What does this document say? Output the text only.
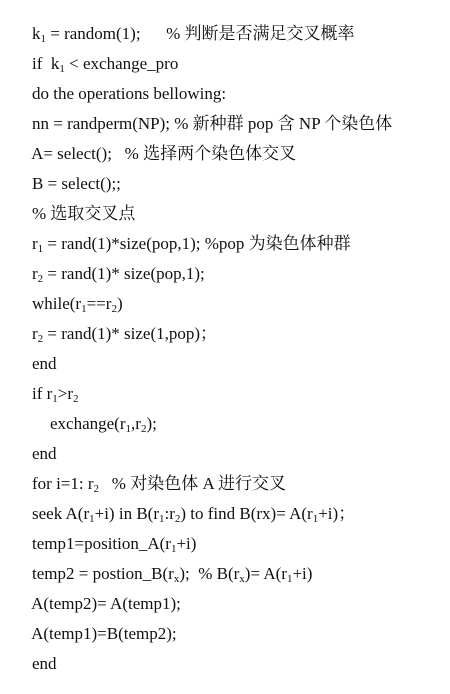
$k_1$ = random(1);      % 判断是否满足交叉概率

if  $k_1$ < exchange_pro

do the operations bellowing:

nn = randperm(NP); % 新种群 pop 含 NP 个染色体

A= select();   % 选择两个染色体交叉

B = select();;

% 选取交叉点

$r_1$ = rand(1)*size(pop,1); %pop 为染色体种群

$r_2$ = rand(1)* size(pop,1);

$while(r_1==r_2)$

$r_2$ = rand(1)* size(1,pop)；

end

if $r_1>r_2$

$exchange(r_1,r_2)$;

end

for i=1: $r_2$   % 对染色体 A 进行交叉

seek $A(r_1+i)$ in $B(r_1:r_2)$ to find $B(rx)= A(r_1+i)$；

$temp1=position\_A(r_1+i)$

temp2 = $postion\_B(r_x)$;  % $B(r_x)= A(r_1+i)$

A(temp2)= A(temp1);

A(temp1)=B(temp2);

end
